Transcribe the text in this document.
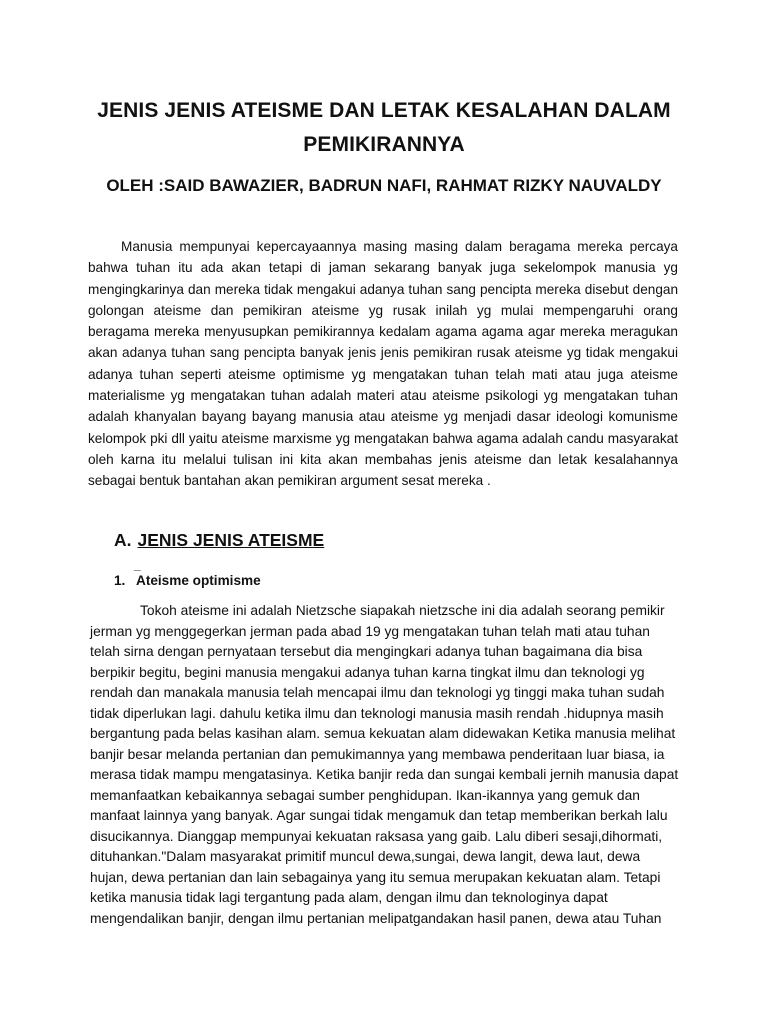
JENIS JENIS ATEISME DAN LETAK KESALAHAN DALAM PEMIKIRANNYA

OLEH :SAID BAWAZIER, BADRUN NAFI, RAHMAT RIZKY NAUVALDY

Manusia mempunyai kepercayaannya masing masing dalam beragama mereka percaya bahwa tuhan itu ada akan tetapi di jaman sekarang banyak juga sekelompok manusia yg mengingkarinya dan mereka tidak mengakui adanya tuhan sang pencipta mereka disebut dengan golongan ateisme dan pemikiran ateisme yg rusak inilah yg mulai mempengaruhi orang beragama mereka menyusupkan pemikirannya kedalam agama agama agar mereka meragukan akan adanya tuhan sang pencipta banyak jenis jenis pemikiran rusak ateisme yg tidak mengakui adanya tuhan seperti ateisme optimisme yg mengatakan tuhan telah mati atau juga ateisme materialisme yg mengatakan tuhan adalah materi atau ateisme psikologi yg mengatakan tuhan adalah khanyalan bayang bayang manusia atau ateisme yg menjadi dasar ideologi komunisme kelompok pki dll yaitu ateisme marxisme yg mengatakan bahwa agama adalah candu masyarakat oleh karna itu melalui tulisan ini kita akan membahas jenis ateisme dan letak kesalahannya sebagai bentuk bantahan akan pemikiran argument sesat mereka .

A. JENIS JENIS ATEISME
_
1. Ateisme optimisme
Tokoh ateisme ini adalah Nietzsche siapakah nietzsche ini dia adalah seorang pemikir
jerman yg menggegerkan jerman pada abad 19 yg mengatakan tuhan telah mati atau tuhan
telah sirna dengan pernyataan tersebut dia mengingkari adanya tuhan bagaimana dia bisa
berpikir begitu, begini manusia mengakui adanya tuhan karna tingkat ilmu dan teknologi yg
rendah dan manakala manusia telah mencapai ilmu dan teknologi yg tinggi maka tuhan sudah
tidak diperlukan lagi. dahulu ketika ilmu dan teknologi manusia masih rendah .hidupnya masih
bergantung pada belas kasihan alam. semua kekuatan alam didewakan Ketika manusia melihat
banjir besar melanda pertanian dan pemukimannya yang membawa penderitaan luar biasa, ia
merasa tidak mampu mengatasinya. Ketika banjir reda dan sungai kembali jernih manusia dapat
memanfaatkan kebaikannya sebagai sumber penghidupan. Ikan-ikannya yang gemuk dan
manfaat lainnya yang banyak. Agar sungai tidak mengamuk dan tetap memberikan berkah lalu
disucikannya. Dianggap mempunyai kekuatan raksasa yang gaib. Lalu diberi sesaji,dihormati,
dituhankan."Dalam masyarakat primitif muncul dewa,sungai, dewa langit, dewa laut, dewa
hujan, dewa pertanian dan lain sebagainya yang itu semua merupakan kekuatan alam. Tetapi
ketika manusia tidak lagi tergantung pada alam, dengan ilmu dan teknologinya dapat
mengendalikan banjir, dengan ilmu pertanian melipatgandakan hasil panen, dewa atau Tuhan
